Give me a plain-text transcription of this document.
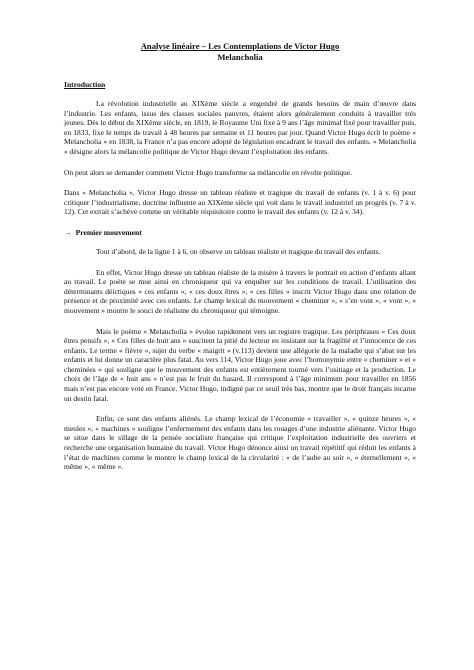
Analyse linéaire – Les Contemplations de Victor Hugo
Melancholia
Introduction

La révolution industrielle au XIXème siècle a engendré de grands besoins de main d’œuvre dans l’industrie. Les enfants, issus des classes sociales pauvres, étaient alors généralement conduits à travailler très jeunes. Dès le début du XIXème siècle, en 1819, le Royaume Uni fixe à 9 ans l’âge minimal fixé pour travailler puis, en 1833, fixe le temps de travail à 48 heures par semaine et 11 heures par jour. Quand Victor Hugo écrit le poème « Melancholia » en 1838, la France n’a pas encore adopté de législation encadrant le travail des enfants. « Melancholia » désigne alors la mélancolie politique de Victor Hugo devant l’exploitation des enfants.

On peut alors se demander comment Victor Hugo transforme sa mélancolie en révolte politique.

Dans « Melancholia », Victor Hugo dresse un tableau réaliste et tragique du travail de enfants (v. 1 à v. 6) pour critiquer l’industrialisme, doctrine influente au XIXème siècle qui voit dans le travail industriel un progrès (v. 7 à v. 12). Cet extrait s’achève comme un véritable réquisitoire contre le travail des enfants (v. 12 à v. 34).

→ Premier mouvement

Tout d’abord, de la ligne 1 à 6, on observe un tableau réaliste et tragique du travail des enfants.

En effet, Victor Hugo dresse un tableau réaliste de la misère à travers le portrait en action d’enfants allant au travail. Le poète se mue ainsi en chroniqueur qui va enquêter sur les conditions de travail. L’utilisation des déterminants déictiques « ces enfants », « ces doux êtres », « ces filles » inscrit Victor Hugo dans une relation de présence et de proximité avec ces enfants. Le champ lexical du mouvement « cheminer », « s’en vont », « vont », « mouvement » montre le souci de réalisme du chroniqueur qui témoigne.

Mais le poème « Melancholia » évolue rapidement vers un registre tragique. Les périphrases « Ces doux êtres pensifs », « Ces filles de huit ans » suscitent la pitié du lecteur en insistant sur la fragilité et l’innocence de ces enfants. Le terme « fièvre », sujet du verbe « maigrit » (v.113) devient une allégorie de la maladie qui s’abat sur les enfants et lui donne un caractère plus fatal. Au vers 114, Victor Hugo joue avec l’homonymie entre « cheminer » et « cheminées » qui souligne que le mouvement des enfants est entièrement tourné vers l’usinage et la production. Le choix de l’âge de « huit ans » n’est pas le fruit du hasard. Il correspond à l’âge minimum pour travailler en 1856 mais n’est pas encore voté en France. Victor Hugo, indigné par ce seuil très bas, montre que le droit français incarne un destin fatal.

Enfin, ce sont des enfants aliénés. Le champ lexical de l’économie « travailler », « quinze heures », « meules », « machines » souligne l’enfermement des enfants dans les rouages d’une industrie aliénante. Victor Hugo se situe dans le sillage de la pensée socialiste française qui critique l’exploitation industrielle des ouvriers et recherche une organisation humaine du travail. Victor Hugo dénonce ainsi un travail répétitif qui réduit les enfants à l’état de machines comme le montre le champ lexical de la circularité : « de l’aube au soir », « éternellement », « même », « même ».
